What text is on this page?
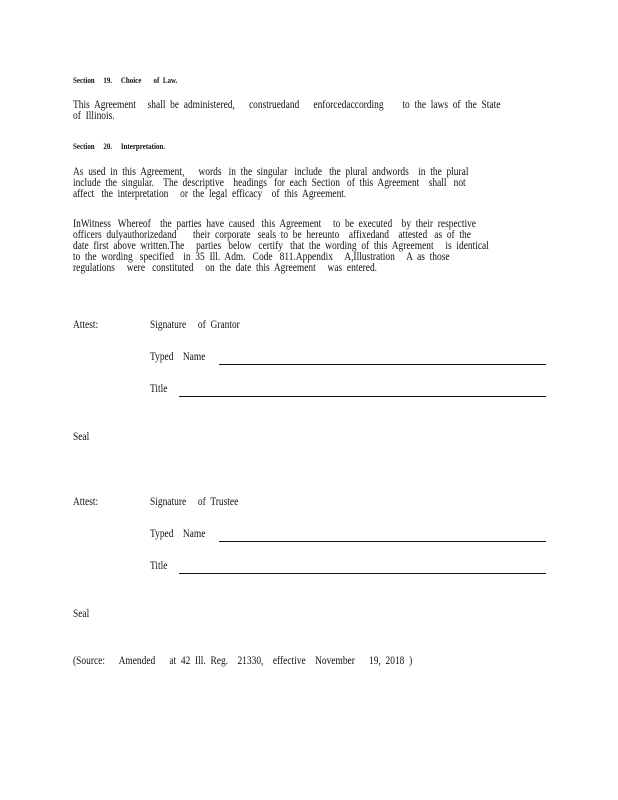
Section     19.     Choice       of  Law.
This  Agreement     shall  be  administered,      construedand      enforcedaccording        to  the  laws  of  the  State
of  Illinois.
Section     20.     Interpretation.
As  used  in  this  Agreement,      words   in  the  singular   include   the  plural  andwords    in  the  plural
include  the  singular.    The  descriptive    headings   for  each  Section   of  this  Agreement    shall   not
affect   the  interpretation     or  the  legal  efficacy    of  this  Agreement.
InWitness   Whereof    the  parties  have  caused   this  Agreement     to  be  executed    by  their  respective
officers  dulyauthorizedand       their  corporate   seals  to  be  hereunto    affixedand    attested   as  of  the
date  first  above  written.The     parties   below   certify   that  the  wording  of  this  Agreement     is  identical
to  the  wording   specified    in  35  Ill.  Adm.   Code   811.Appendix     A,Illustration     A  as  those
regulations     were   constituted     on  the  date  this  Agreement     was  entered.
Attest:	Signature     of  Grantor
Typed    Name
Title
Seal
Attest:	Signature     of  Trustee
Typed    Name
Title
Seal
(Source:      Amended      at  42  Ill.  Reg.    21330,    effective    November      19,  2018  )
